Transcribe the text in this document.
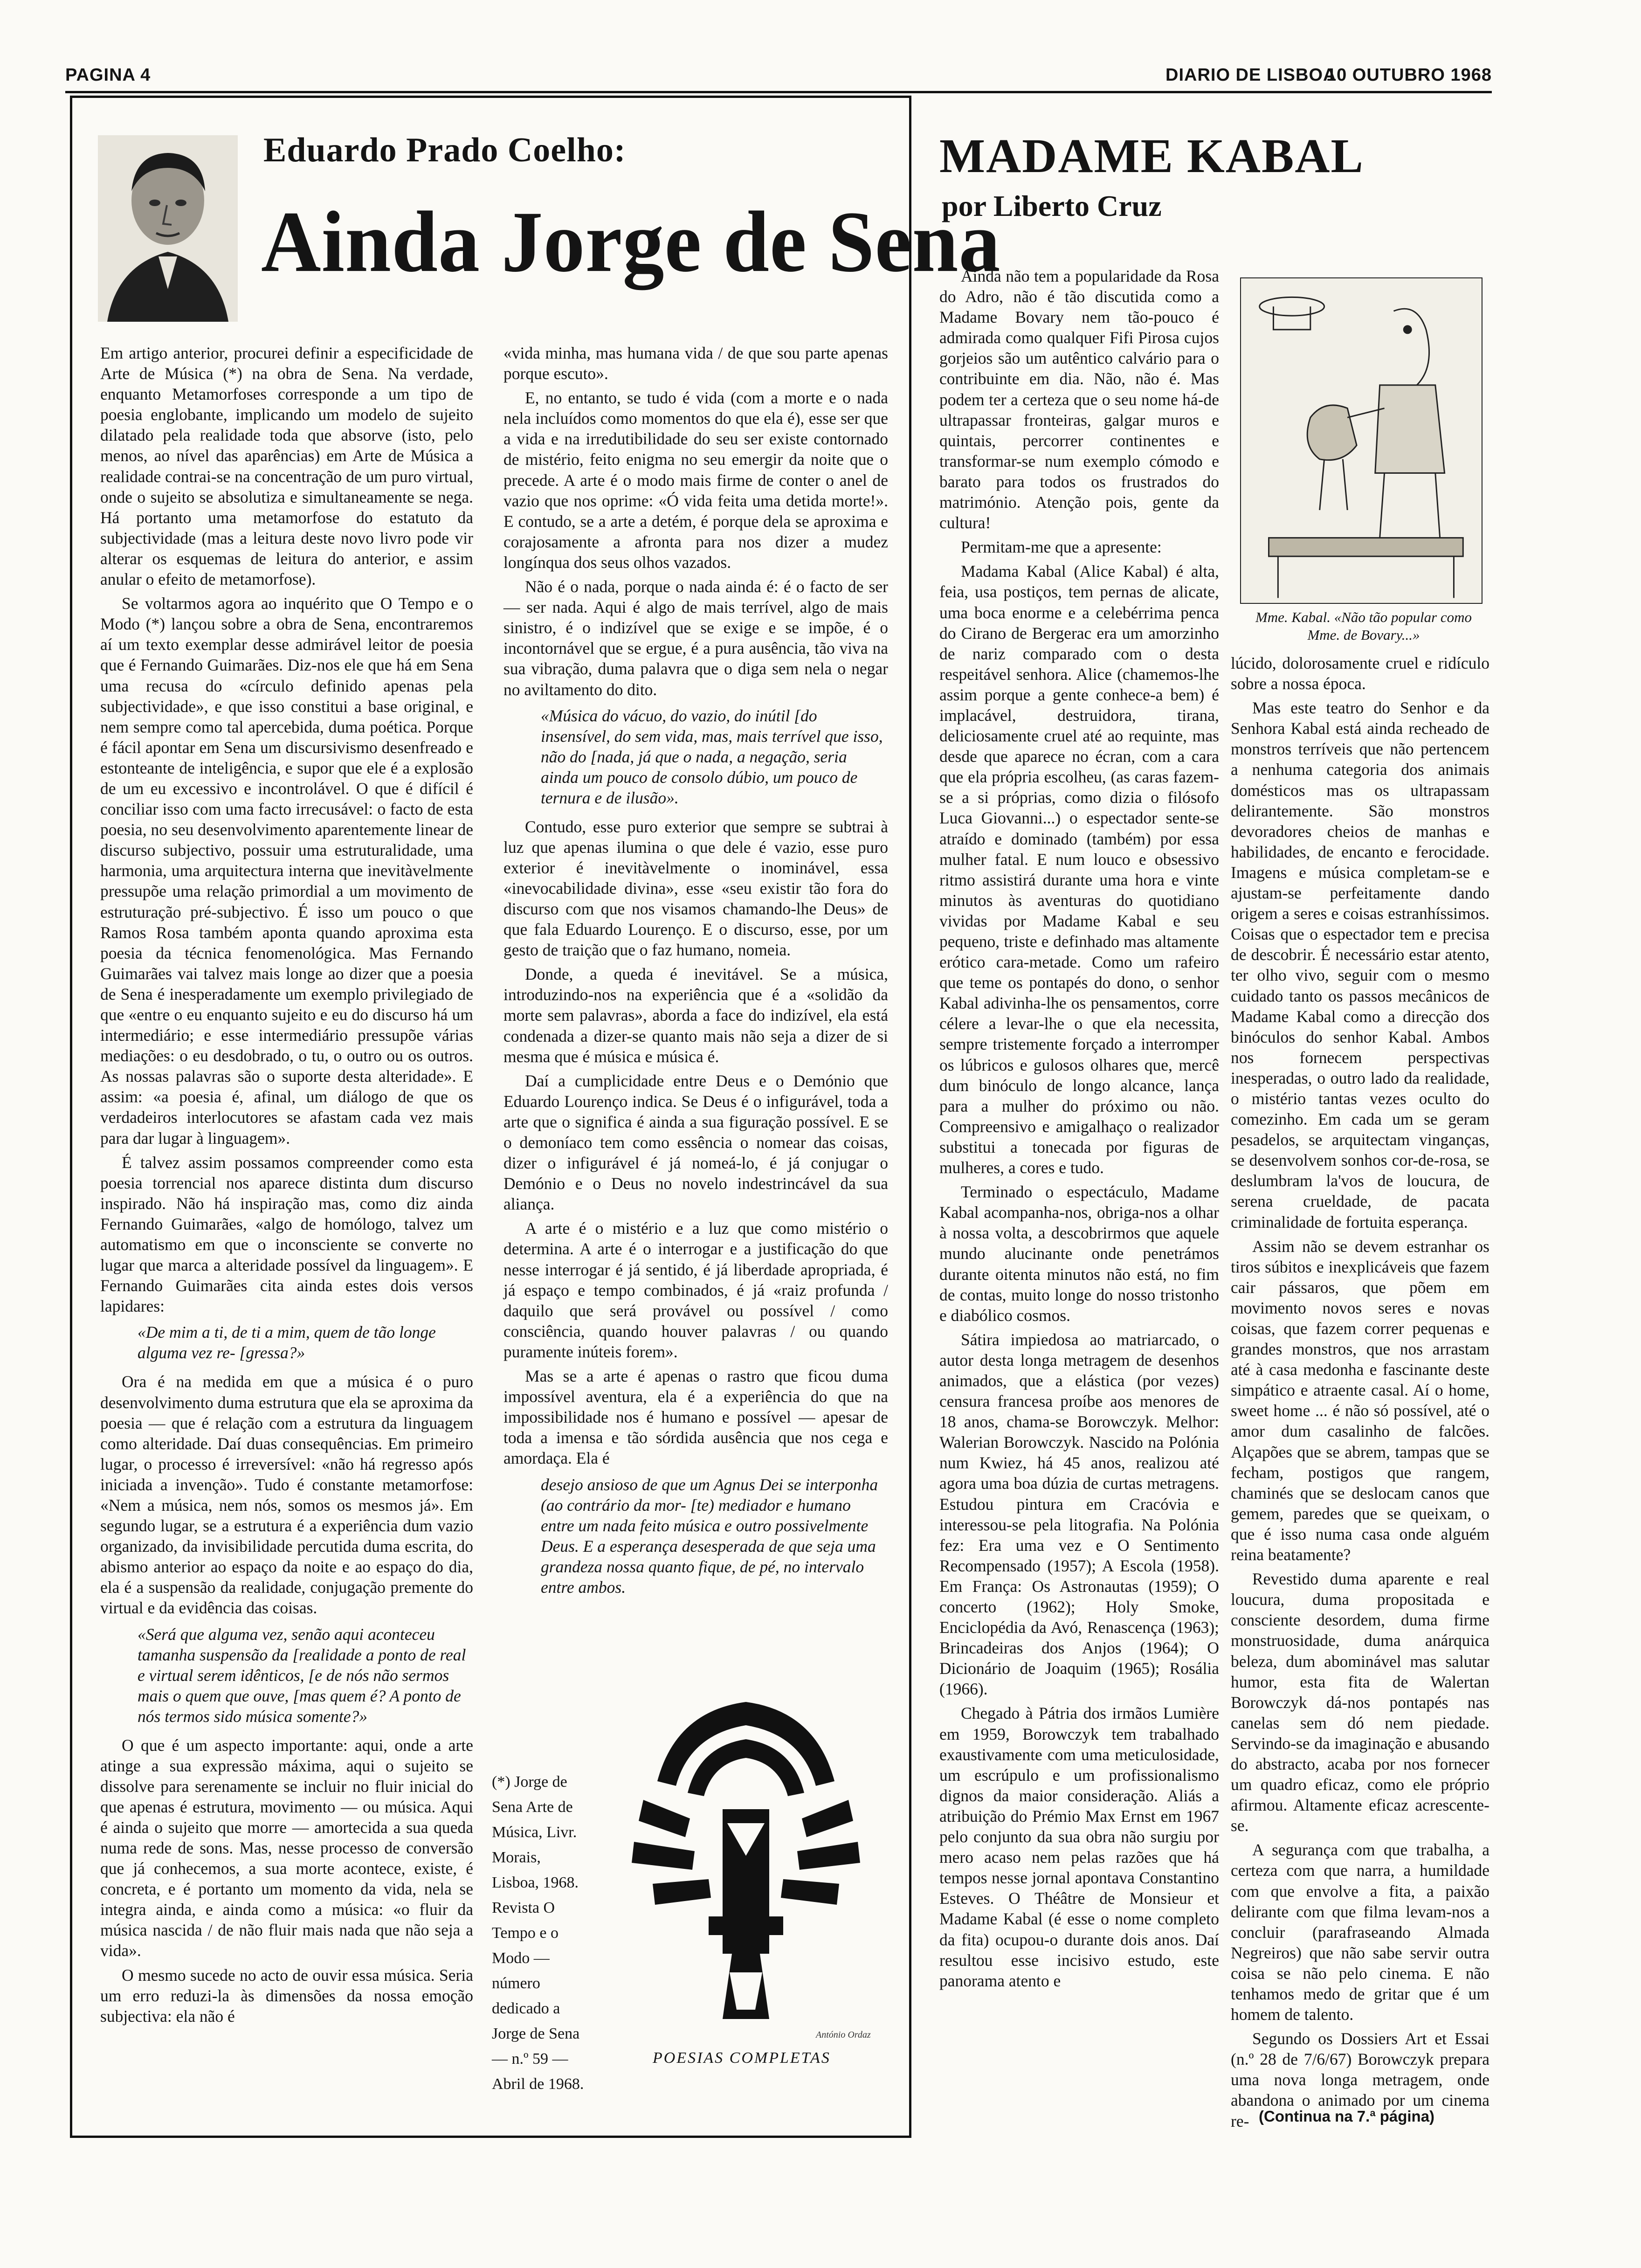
PAGINA 4	DIARIO DE LISBOA
10 OUTUBRO 1968
Eduardo Prado Coelho:
Ainda Jorge de Sena

Em artigo anterior, procurei definir a especificidade de Arte de Música (*) na obra de Sena. Na verdade, enquanto Metamorfoses corresponde a um tipo de poesia englobante, implicando um modelo de sujeito dilatado pela realidade toda que absorve (isto, pelo menos, ao nível das aparências) em Arte de Música a realidade contrai-se na concentração de um puro virtual, onde o sujeito se absolutiza e simultaneamente se nega. Há portanto uma metamorfose do estatuto da subjectividade (mas a leitura deste novo livro pode vir alterar os esquemas de leitura do anterior, e assim anular o efeito de metamorfose).

Se voltarmos agora ao inquérito que O Tempo e o Modo (*) lançou sobre a obra de Sena, encontraremos aí um texto exemplar desse admirável leitor de poesia que é Fernando Guimarães. Diz-nos ele que há em Sena uma recusa do «círculo definido apenas pela subjectividade», e que isso constitui a base original, e nem sempre como tal apercebida, duma poética. Porque é fácil apontar em Sena um discursivismo desenfreado e estonteante de inteligência, e supor que ele é a explosão de um eu excessivo e incontrolável. O que é difícil é conciliar isso com uma facto irrecusável: o facto de esta poesia, no seu desenvolvimento aparentemente linear de discurso subjectivo, possuir uma estruturalidade, uma harmonia, uma arquitectura interna que inevitàvelmente pressupõe uma relação primordial a um movimento de estruturação pré-subjectivo. É isso um pouco o que Ramos Rosa também aponta quando aproxima esta poesia da técnica fenomenológica. Mas Fernando Guimarães vai talvez mais longe ao dizer que a poesia de Sena é inesperadamente um exemplo privilegiado de que «entre o eu enquanto sujeito e eu do discurso há um intermediário; e esse intermediário pressupõe várias mediações: o eu desdobrado, o tu, o outro ou os outros. As nossas palavras são o suporte desta alteridade». E assim: «a poesia é, afinal, um diálogo de que os verdadeiros interlocutores se afastam cada vez mais para dar lugar à linguagem».

É talvez assim possamos compreender como esta poesia torrencial nos aparece distinta dum discurso inspirado. Não há inspiração mas, como diz ainda Fernando Guimarães, «algo de homólogo, talvez um automatismo em que o inconsciente se converte no lugar que marca a alteridade possível da linguagem». E Fernando Guimarães cita ainda estes dois versos lapidares:

«De mim a ti, de ti a mim, quem de tão longe alguma vez re- [gressa?»

Ora é na medida em que a música é o puro desenvolvimento duma estrutura que ela se aproxima da poesia — que é relação com a estrutura da linguagem como alteridade. Daí duas consequências. Em primeiro lugar, o processo é irreversível: «não há regresso após iniciada a invenção». Tudo é constante metamorfose: «Nem a música, nem nós, somos os mesmos já». Em segundo lugar, se a estrutura é a experiência dum vazio organizado, da invisibilidade percutida duma escrita, do abismo anterior ao espaço da noite e ao espaço do dia, ela é a suspensão da realidade, conjugação premente do virtual e da evidência das coisas.

«Será que alguma vez, senão aqui aconteceu tamanha suspensão da [realidade a ponto de real e virtual serem idênticos, [e de nós não sermos mais o quem que ouve, [mas quem é? A ponto de nós termos sido música somente?»

O que é um aspecto importante: aqui, onde a arte atinge a sua expressão máxima, aqui o sujeito se dissolve para serenamente se incluir no fluir inicial do que apenas é estrutura, movimento — ou música. Aqui é ainda o sujeito que morre — amortecida a sua queda numa rede de sons. Mas, nesse processo de conversão que já conhecemos, a sua morte acontece, existe, é concreta, e é portanto um momento da vida, nela se integra ainda, e ainda como a música: «o fluir da música nascida / de não fluir mais nada que não seja a vida».

O mesmo sucede no acto de ouvir essa música. Seria um erro reduzi-la às dimensões da nossa emoção subjectiva: ela não é

«vida minha, mas humana vida / de que sou parte apenas porque escuto».

E, no entanto, se tudo é vida (com a morte e o nada nela incluídos como momentos do que ela é), esse ser que a vida e na irredutibilidade do seu ser existe contornado de mistério, feito enigma no seu emergir da noite que o precede. A arte é o modo mais firme de conter o anel de vazio que nos oprime: «Ó vida feita uma detida morte!». E contudo, se a arte a detém, é porque dela se aproxima e corajosamente a afronta para nos dizer a mudez longínqua dos seus olhos vazados.

Não é o nada, porque o nada ainda é: é o facto de ser — ser nada. Aqui é algo de mais terrível, algo de mais sinistro, é o indizível que se exige e se impõe, é o incontornável que se ergue, é a pura ausência, tão viva na sua vibração, duma palavra que o diga sem nela o negar no aviltamento do dito.

«Música do vácuo, do vazio, do inútil [do insensível, do sem vida, mas, mais terrível que isso, não do [nada, já que o nada, a negação, seria ainda um pouco de consolo dúbio, um pouco de ternura e de ilusão».

Contudo, esse puro exterior que sempre se subtrai à luz que apenas ilumina o que dele é vazio, esse puro exterior é inevitàvelmente o inominável, essa «inevocabilidade divina», esse «seu existir tão fora do discurso com que nos visamos chamando-lhe Deus» de que fala Eduardo Lourenço. E o discurso, esse, por um gesto de traição que o faz humano, nomeia.

Donde, a queda é inevitável. Se a música, introduzindo-nos na experiência que é a «solidão da morte sem palavras», aborda a face do indizível, ela está condenada a dizer-se quanto mais não seja a dizer de si mesma que é música e música é.

Daí a cumplicidade entre Deus e o Demónio que Eduardo Lourenço indica. Se Deus é o infigurável, toda a arte que o significa é ainda a sua figuração possível. E se o demoníaco tem como essência o nomear das coisas, dizer o infigurável é já nomeá-lo, é já conjugar o Demónio e o Deus no novelo indestrincável da sua aliança.

A arte é o mistério e a luz que como mistério o determina. A arte é o interrogar e a justificação do que nesse interrogar é já sentido, é já liberdade apropriada, é já espaço e tempo combinados, é já «raiz profunda / daquilo que será provável ou possível / como consciência, quando houver palavras / ou quando puramente inúteis forem».

Mas se a arte é apenas o rastro que ficou duma impossível aventura, ela é a experiência do que na impossibilidade nos é humano e possível — apesar de toda a imensa e tão sórdida ausência que nos cega e amordaça. Ela é

desejo ansioso de que um Agnus Dei se interponha (ao contrário da mor- [te) mediador e humano entre um nada feito música e outro possivelmente Deus. E a esperança desesperada de que seja uma grandeza nossa quanto fique, de pé, no intervalo entre ambos.
(*) Jorge de Sena Arte de Música, Livr. Morais, Lisboa, 1968.
Revista O Tempo e o Modo — número dedicado a Jorge de Sena — n.º 59 — Abril de 1968.
António Ordaz
POESIAS COMPLETAS
MADAME KABAL
por Liberto Cruz

Ainda não tem a popularidade da Rosa do Adro, não é tão discutida como a Madame Bovary nem tão-pouco é admirada como qualquer Fifi Pirosa cujos gorjeios são um autêntico calvário para o contribuinte em dia. Não, não é. Mas podem ter a certeza que o seu nome há-de ultrapassar fronteiras, galgar muros e quintais, percorrer continentes e transformar-se num exemplo cómodo e barato para todos os frustrados do matrimónio. Atenção pois, gente da cultura!

Permitam-me que a apresente:

Madama Kabal (Alice Kabal) é alta, feia, usa postiços, tem pernas de alicate, uma boca enorme e a celebérrima penca do Cirano de Bergerac era um amorzinho de nariz comparado com o desta respeitável senhora. Alice (chamemos-lhe assim porque a gente conhece-a bem) é implacável, destruidora, tirana, deliciosamente cruel até ao requinte, mas desde que aparece no écran, com a cara que ela própria escolheu, (as caras fazem-se a si próprias, como dizia o filósofo Luca Giovanni...) o espectador sente-se atraído e dominado (também) por essa mulher fatal. E num louco e obsessivo ritmo assistirá durante uma hora e vinte minutos às aventuras do quotidiano vividas por Madame Kabal e seu pequeno, triste e definhado mas altamente erótico cara-metade. Como um rafeiro que teme os pontapés do dono, o senhor Kabal adivinha-lhe os pensamentos, corre célere a levar-lhe o que ela necessita, sempre tristemente forçado a interromper os lúbricos e gulosos olhares que, mercê dum binóculo de longo alcance, lança para a mulher do próximo ou não. Compreensivo e amigalhaço o realizador substitui a tonecada por figuras de mulheres, a cores e tudo.

Terminado o espectáculo, Madame Kabal acompanha-nos, obriga-nos a olhar à nossa volta, a descobrirmos que aquele mundo alucinante onde penetrámos durante oitenta minutos não está, no fim de contas, muito longe do nosso tristonho e diabólico cosmos.

Sátira impiedosa ao matriarcado, o autor desta longa metragem de desenhos animados, que a elástica (por vezes) censura francesa proíbe aos menores de 18 anos, chama-se Borowczyk. Melhor: Walerian Borowczyk. Nascido na Polónia num Kwiez, há 45 anos, realizou até agora uma boa dúzia de curtas metragens. Estudou pintura em Cracóvia e interessou-se pela litografia. Na Polónia fez: Era uma vez e O Sentimento Recompensado (1957); A Escola (1958). Em França: Os Astronautas (1959); O concerto (1962); Holy Smoke, Enciclopédia da Avó, Renascença (1963); Brincadeiras dos Anjos (1964); O Dicionário de Joaquim (1965); Rosália (1966).

Chegado à Pátria dos irmãos Lumière em 1959, Borowczyk tem trabalhado exaustivamente com uma meticulosidade, um escrúpulo e um profissionalismo dignos da maior consideração. Aliás a atribuição do Prémio Max Ernst em 1967 pelo conjunto da sua obra não surgiu por mero acaso nem pelas razões que há tempos nesse jornal apontava Constantino Esteves. O Théâtre de Monsieur et Madame Kabal (é esse o nome completo da fita) ocupou-o durante dois anos. Daí resultou esse incisivo estudo, este panorama atento e

Mme. Kabal. «Não tão popular como Mme. de Bovary...»

lúcido, dolorosamente cruel e ridículo sobre a nossa época.

Mas este teatro do Senhor e da Senhora Kabal está ainda recheado de monstros terríveis que não pertencem a nenhuma categoria dos animais domésticos mas os ultrapassam delirantemente. São monstros devoradores cheios de manhas e habilidades, de encanto e ferocidade. Imagens e música completam-se e ajustam-se perfeitamente dando origem a seres e coisas estranhíssimos. Coisas que o espectador tem e precisa de descobrir. É necessário estar atento, ter olho vivo, seguir com o mesmo cuidado tanto os passos mecânicos de Madame Kabal como a direcção dos binóculos do senhor Kabal. Ambos nos fornecem perspectivas inesperadas, o outro lado da realidade, o mistério tantas vezes oculto do comezinho. Em cada um se geram pesadelos, se arquitectam vinganças, se desenvolvem sonhos cor-de-rosa, se deslumbram la'vos de loucura, de serena crueldade, de pacata criminalidade de fortuita esperança.

Assim não se devem estranhar os tiros súbitos e inexplicáveis que fazem cair pássaros, que põem em movimento novos seres e novas coisas, que fazem correr pequenas e grandes monstros, que nos arrastam até à casa medonha e fascinante deste simpático e atraente casal. Aí o home, sweet home ... é não só possível, até o amor dum casalinho de falcões. Alçapões que se abrem, tampas que se fecham, postigos que rangem, chaminés que se deslocam canos que gemem, paredes que se queixam, o que é isso numa casa onde alguém reina beatamente?

Revestido duma aparente e real loucura, duma propositada e consciente desordem, duma firme monstruosidade, duma anárquica beleza, dum abominável mas salutar humor, esta fita de Walertan Borowczyk dá-nos pontapés nas canelas sem dó nem piedade. Servindo-se da imaginação e abusando do abstracto, acaba por nos fornecer um quadro eficaz, como ele próprio afirmou. Altamente eficaz acrescente-se.

A segurança com que trabalha, a certeza com que narra, a humildade com que envolve a fita, a paixão delirante com que filma levam-nos a concluir (parafraseando Almada Negreiros) que não sabe servir outra coisa se não pelo cinema. E não tenhamos medo de gritar que é um homem de talento.

Segundo os Dossiers Art et Essai (n.º 28 de 7/6/67) Borowczyk prepara uma nova longa metragem, onde abandona o animado por um cinema re- (Continua na 7.ª página)
